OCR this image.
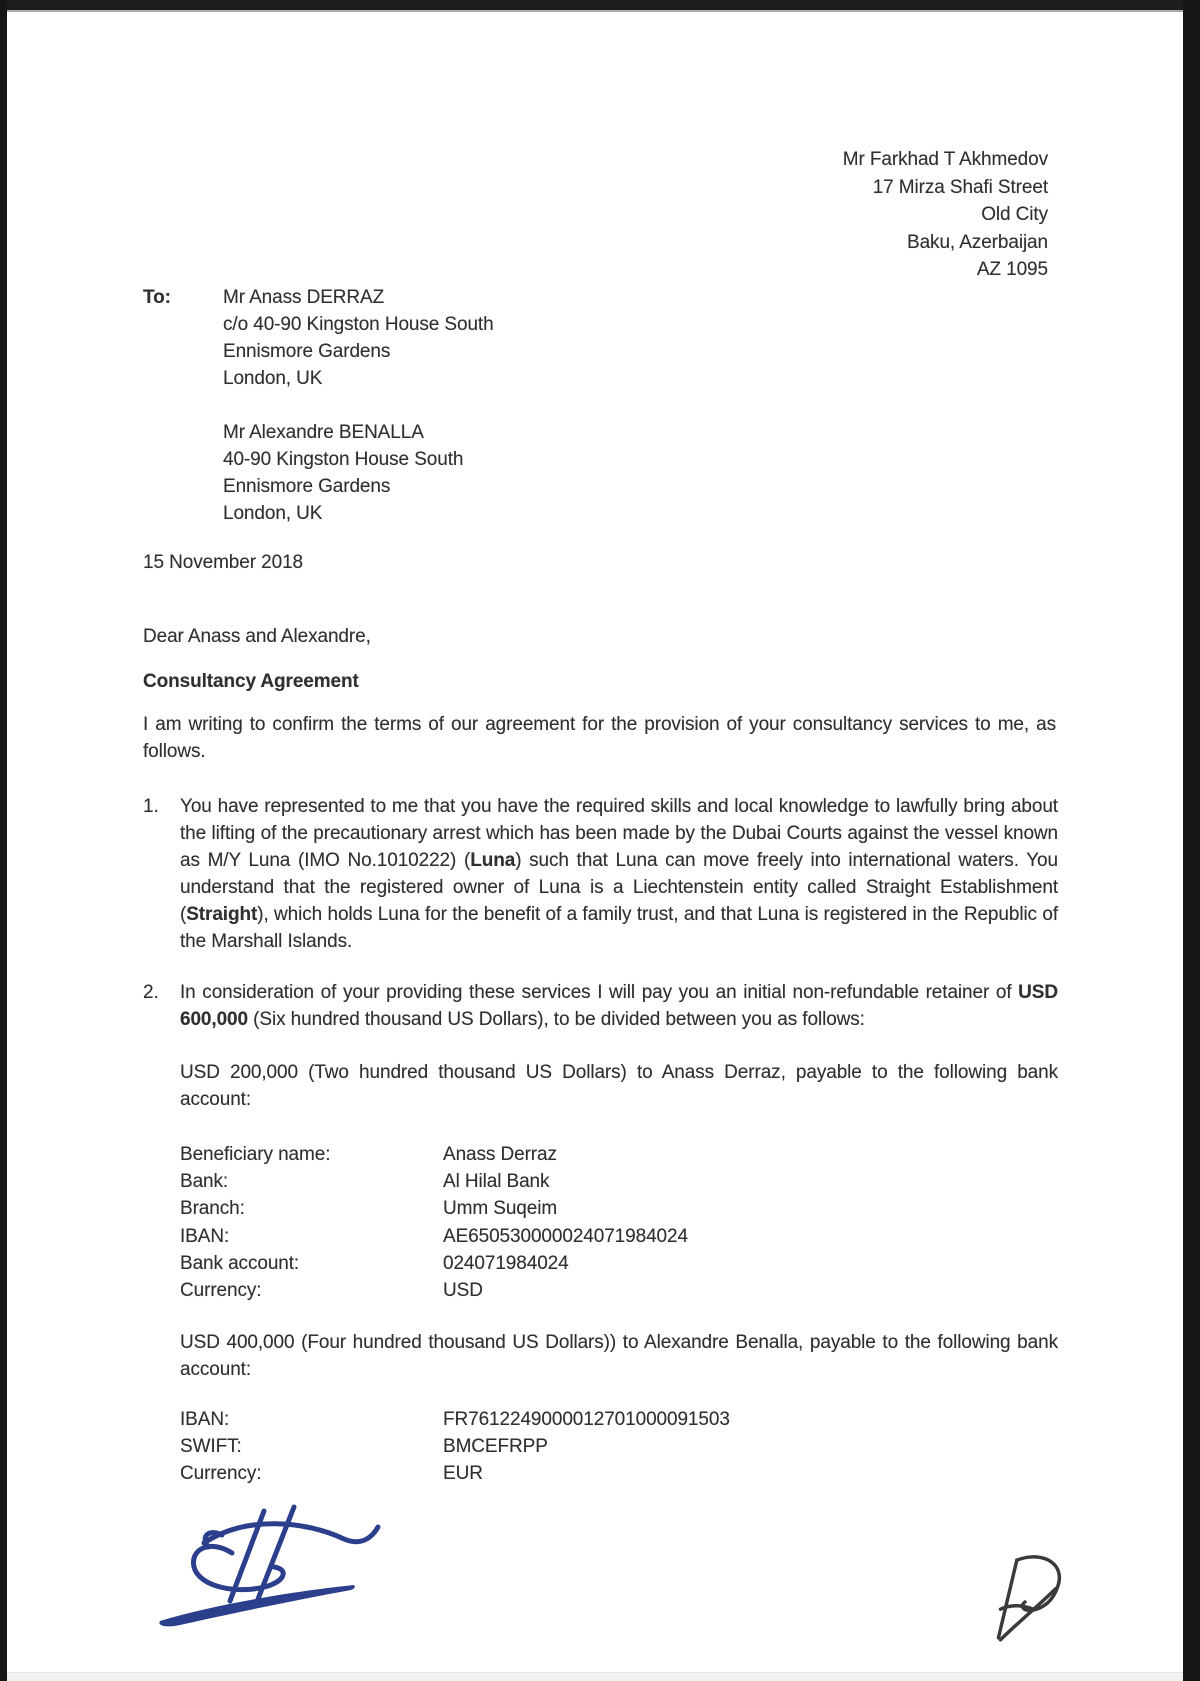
Mr Farkhad T Akhmedov
17 Mirza Shafi Street
Old City
Baku, Azerbaijan
AZ 1095
To:	Mr Anass DERRAZ
c/o 40-90 Kingston House South
Ennismore Gardens
London, UK
Mr Alexandre BENALLA
40-90 Kingston House South
Ennismore Gardens
London, UK
15 November 2018
Dear Anass and Alexandre,
Consultancy Agreement
I am writing to confirm the terms of our agreement for the provision of your consultancy services to me, as follows.
1.	You have represented to me that you have the required skills and local knowledge to lawfully bring about the lifting of the precautionary arrest which has been made by the Dubai Courts against the vessel known as M/Y Luna (IMO No.1010222) (Luna) such that Luna can move freely into international waters. You understand that the registered owner of Luna is a Liechtenstein entity called Straight Establishment (Straight), which holds Luna for the benefit of a family trust, and that Luna is registered in the Republic of the Marshall Islands.
2.	In consideration of your providing these services I will pay you an initial non-refundable retainer of USD 600,000 (Six hundred thousand US Dollars), to be divided between you as follows:
USD 200,000 (Two hundred thousand US Dollars) to Anass Derraz, payable to the following bank account:
Beneficiary name:	Anass Derraz
Bank:	Al Hilal Bank
Branch:	Umm Suqeim
IBAN:	AE650530000024071984024
Bank account:	024071984024
Currency:	USD
USD 400,000 (Four hundred thousand US Dollars)) to Alexandre Benalla, payable to the following bank account:
IBAN:	FR7612249000012701000091503
SWIFT:	BMCEFRPP
Currency:	EUR
